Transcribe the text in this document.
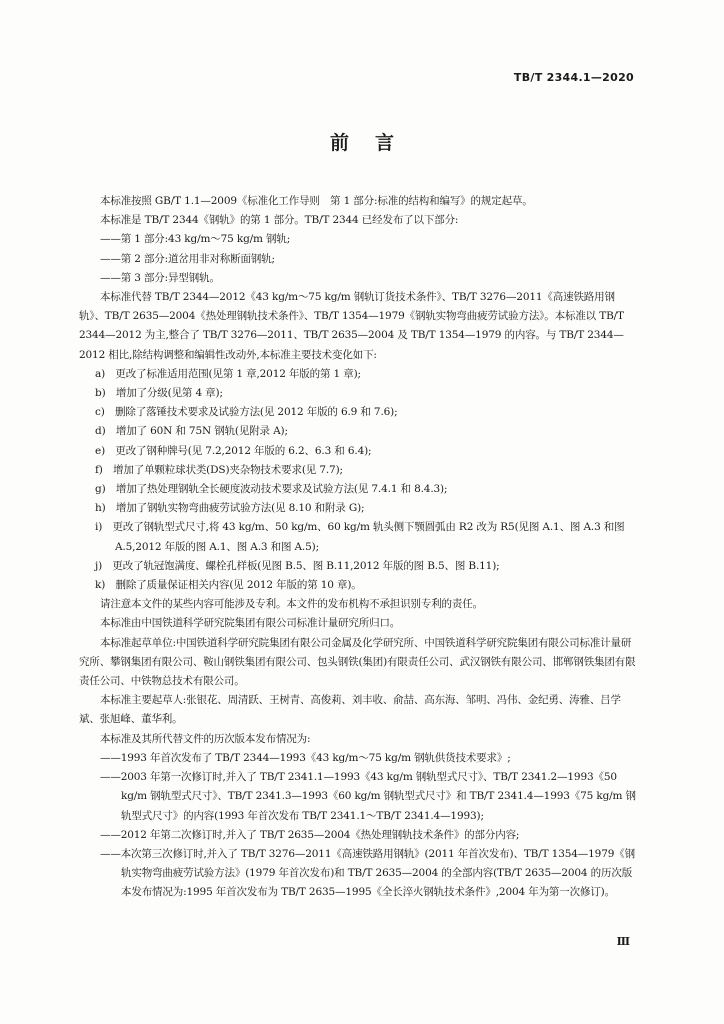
TB/T 2344.1—2020
前言

本标准按照 GB/T 1.1—2009《标准化工作导则　第 1 部分:标准的结构和编写》的规定起草。

本标准是 TB/T 2344《钢轨》的第 1 部分。TB/T 2344 已经发布了以下部分:

——第 1 部分:43 kg/m～75 kg/m 钢轨;

——第 2 部分:道岔用非对称断面钢轨;

——第 3 部分:异型钢轨。

本标准代替 TB/T 2344—2012《43 kg/m～75 kg/m 钢轨订货技术条件》、TB/T 3276—2011《高速铁路用钢轨》、TB/T 2635—2004《热处理钢轨技术条件》、TB/T 1354—1979《钢轨实物弯曲疲劳试验方法》。本标准以 TB/T 2344—2012 为主,整合了 TB/T 3276—2011、TB/T 2635—2004 及 TB/T 1354—1979 的内容。与 TB/T 2344—2012 相比,除结构调整和编辑性改动外,本标准主要技术变化如下:

a)　更改了标准适用范围(见第 1 章,2012 年版的第 1 章);

b)　增加了分级(见第 4 章);

c)　删除了落锤技术要求及试验方法(见 2012 年版的 6.9 和 7.6);

d)　增加了 60N 和 75N 钢轨(见附录 A);

e)　更改了钢种牌号(见 7.2,2012 年版的 6.2、6.3 和 6.4);

f)　增加了单颗粒球状类(DS)夹杂物技术要求(见 7.7);

g)　增加了热处理钢轨全长硬度波动技术要求及试验方法(见 7.4.1 和 8.4.3);

h)　增加了钢轨实物弯曲疲劳试验方法(见 8.10 和附录 G);

i)　更改了钢轨型式尺寸,将 43 kg/m、50 kg/m、60 kg/m 轨头侧下颚圆弧由 R2 改为 R5(见图 A.1、图 A.3 和图 A.5,2012 年版的图 A.1、图 A.3 和图 A.5);

j)　更改了轨冠饱满度、螺栓孔样板(见图 B.5、图 B.11,2012 年版的图 B.5、图 B.11);

k)　删除了质量保证相关内容(见 2012 年版的第 10 章)。

请注意本文件的某些内容可能涉及专利。本文件的发布机构不承担识别专利的责任。

本标准由中国铁道科学研究院集团有限公司标准计量研究所归口。

本标准起草单位:中国铁道科学研究院集团有限公司金属及化学研究所、中国铁道科学研究院集团有限公司标准计量研究所、攀钢集团有限公司、鞍山钢铁集团有限公司、包头钢铁(集团)有限责任公司、武汉钢铁有限公司、邯郸钢铁集团有限责任公司、中铁物总技术有限公司。

本标准主要起草人:张银花、周清跃、王树青、高俊莉、刘丰收、俞喆、高东海、邹明、冯伟、金纪勇、涛雅、吕学斌、张旭峰、董华利。

本标准及其所代替文件的历次版本发布情况为:

——1993 年首次发布了 TB/T 2344—1993《43 kg/m～75 kg/m 钢轨供货技术要求》;

——2003 年第一次修订时,并入了 TB/T 2341.1—1993《43 kg/m 钢轨型式尺寸》、TB/T 2341.2—1993《50 kg/m 钢轨型式尺寸》、TB/T 2341.3—1993《60 kg/m 钢轨型式尺寸》和 TB/T 2341.4—1993《75 kg/m 钢轨型式尺寸》的内容(1993 年首次发布 TB/T 2341.1～TB/T 2341.4—1993);

——2012 年第二次修订时,并入了 TB/T 2635—2004《热处理钢轨技术条件》的部分内容;

——本次第三次修订时,并入了 TB/T 3276—2011《高速铁路用钢轨》(2011 年首次发布)、TB/T 1354—1979《钢轨实物弯曲疲劳试验方法》(1979 年首次发布)和 TB/T 2635—2004 的全部内容(TB/T 2635—2004 的历次版本发布情况为:1995 年首次发布为 TB/T 2635—1995《全长淬火钢轨技术条件》,2004 年为第一次修订)。

Ⅲ
